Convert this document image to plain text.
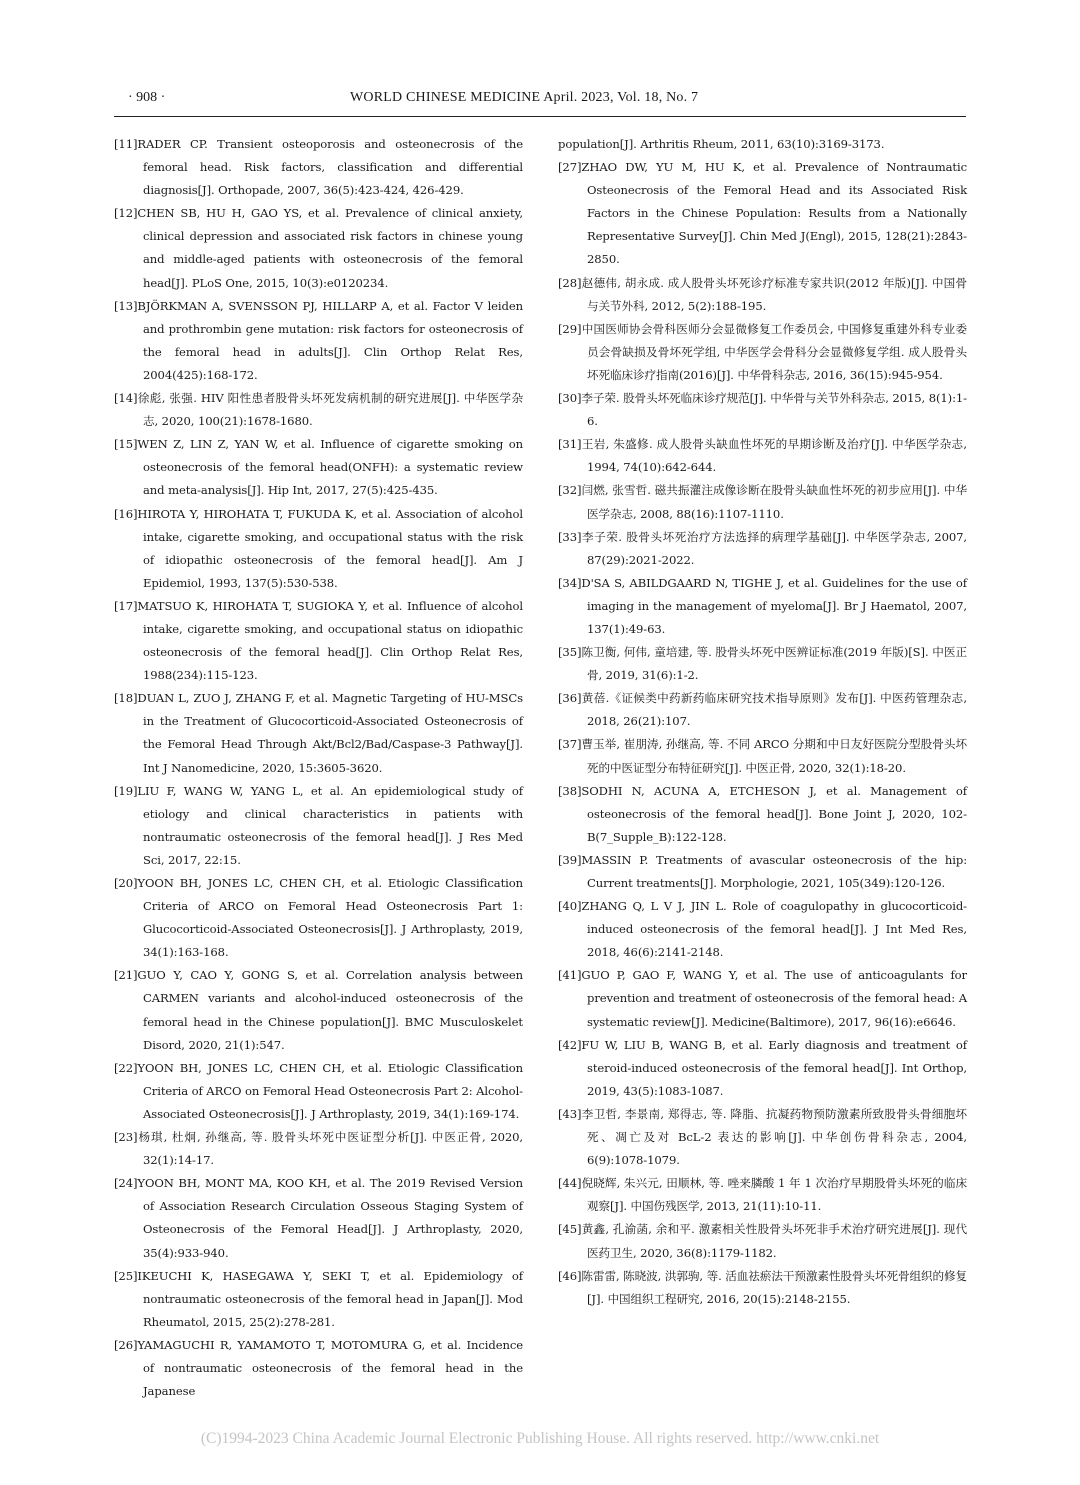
· 908 ·	WORLD CHINESE MEDICINE April. 2023, Vol. 18, No. 7
[11]RADER CP. Transient osteoporosis and osteonecrosis of the femoral head. Risk factors, classification and differential diagnosis[J]. Orthopade, 2007, 36(5):423-424, 426-429.
[12]CHEN SB, HU H, GAO YS, et al. Prevalence of clinical anxiety, clinical depression and associated risk factors in chinese young and middle-aged patients with osteonecrosis of the femoral head[J]. PLoS One, 2015, 10(3):e0120234.
[13]BJÖRKMAN A, SVENSSON PJ, HILLARP A, et al. Factor V leiden and prothrombin gene mutation: risk factors for osteonecrosis of the femoral head in adults[J]. Clin Orthop Relat Res, 2004(425):168-172.
[14]徐彪, 张强. HIV 阳性患者股骨头坏死发病机制的研究进展[J]. 中华医学杂志, 2020, 100(21):1678-1680.
[15]WEN Z, LIN Z, YAN W, et al. Influence of cigarette smoking on osteonecrosis of the femoral head(ONFH): a systematic review and meta-analysis[J]. Hip Int, 2017, 27(5):425-435.
[16]HIROTA Y, HIROHATA T, FUKUDA K, et al. Association of alcohol intake, cigarette smoking, and occupational status with the risk of idiopathic osteonecrosis of the femoral head[J]. Am J Epidemiol, 1993, 137(5):530-538.
[17]MATSUO K, HIROHATA T, SUGIOKA Y, et al. Influence of alcohol intake, cigarette smoking, and occupational status on idiopathic osteonecrosis of the femoral head[J]. Clin Orthop Relat Res, 1988(234):115-123.
[18]DUAN L, ZUO J, ZHANG F, et al. Magnetic Targeting of HU-MSCs in the Treatment of Glucocorticoid-Associated Osteonecrosis of the Femoral Head Through Akt/Bcl2/Bad/Caspase-3 Pathway[J]. Int J Nanomedicine, 2020, 15:3605-3620.
[19]LIU F, WANG W, YANG L, et al. An epidemiological study of etiology and clinical characteristics in patients with nontraumatic osteonecrosis of the femoral head[J]. J Res Med Sci, 2017, 22:15.
[20]YOON BH, JONES LC, CHEN CH, et al. Etiologic Classification Criteria of ARCO on Femoral Head Osteonecrosis Part 1: Glucocorticoid-Associated Osteonecrosis[J]. J Arthroplasty, 2019, 34(1):163-168.
[21]GUO Y, CAO Y, GONG S, et al. Correlation analysis between CARMEN variants and alcohol-induced osteonecrosis of the femoral head in the Chinese population[J]. BMC Musculoskelet Disord, 2020, 21(1):547.
[22]YOON BH, JONES LC, CHEN CH, et al. Etiologic Classification Criteria of ARCO on Femoral Head Osteonecrosis Part 2: Alcohol-Associated Osteonecrosis[J]. J Arthroplasty, 2019, 34(1):169-174.
[23]杨琪, 杜炯, 孙继高, 等. 股骨头坏死中医证型分析[J]. 中医正骨, 2020, 32(1):14-17.
[24]YOON BH, MONT MA, KOO KH, et al. The 2019 Revised Version of Association Research Circulation Osseous Staging System of Osteonecrosis of the Femoral Head[J]. J Arthroplasty, 2020, 35(4):933-940.
[25]IKEUCHI K, HASEGAWA Y, SEKI T, et al. Epidemiology of nontraumatic osteonecrosis of the femoral head in Japan[J]. Mod Rheumatol, 2015, 25(2):278-281.
[26]YAMAGUCHI R, YAMAMOTO T, MOTOMURA G, et al. Incidence of nontraumatic osteonecrosis of the femoral head in the Japanese
population[J]. Arthritis Rheum, 2011, 63(10):3169-3173.
[27]ZHAO DW, YU M, HU K, et al. Prevalence of Nontraumatic Osteonecrosis of the Femoral Head and its Associated Risk Factors in the Chinese Population: Results from a Nationally Representative Survey[J]. Chin Med J(Engl), 2015, 128(21):2843-2850.
[28]赵德伟, 胡永成. 成人股骨头坏死诊疗标准专家共识(2012 年版)[J]. 中国骨与关节外科, 2012, 5(2):188-195.
[29]中国医师协会骨科医师分会显微修复工作委员会, 中国修复重建外科专业委员会骨缺损及骨坏死学组, 中华医学会骨科分会显微修复学组. 成人股骨头坏死临床诊疗指南(2016)[J]. 中华骨科杂志, 2016, 36(15):945-954.
[30]李子荣. 股骨头坏死临床诊疗规范[J]. 中华骨与关节外科杂志, 2015, 8(1):1-6.
[31]王岩, 朱盛修. 成人股骨头缺血性坏死的早期诊断及治疗[J]. 中华医学杂志, 1994, 74(10):642-644.
[32]闫燃, 张雪哲. 磁共振灌注成像诊断在股骨头缺血性坏死的初步应用[J]. 中华医学杂志, 2008, 88(16):1107-1110.
[33]李子荣. 股骨头坏死治疗方法选择的病理学基础[J]. 中华医学杂志, 2007, 87(29):2021-2022.
[34]D'SA S, ABILDGAARD N, TIGHE J, et al. Guidelines for the use of imaging in the management of myeloma[J]. Br J Haematol, 2007, 137(1):49-63.
[35]陈卫衡, 何伟, 童培建, 等. 股骨头坏死中医辨证标准(2019 年版)[S]. 中医正骨, 2019, 31(6):1-2.
[36]黄蓓.《证候类中药新药临床研究技术指导原则》发布[J]. 中医药管理杂志, 2018, 26(21):107.
[37]曹玉举, 崔朋涛, 孙继高, 等. 不同 ARCO 分期和中日友好医院分型股骨头坏死的中医证型分布特征研究[J]. 中医正骨, 2020, 32(1):18-20.
[38]SODHI N, ACUNA A, ETCHESON J, et al. Management of osteonecrosis of the femoral head[J]. Bone Joint J, 2020, 102-B(7_Supple_B):122-128.
[39]MASSIN P. Treatments of avascular osteonecrosis of the hip: Current treatments[J]. Morphologie, 2021, 105(349):120-126.
[40]ZHANG Q, L V J, JIN L. Role of coagulopathy in glucocorticoid-induced osteonecrosis of the femoral head[J]. J Int Med Res, 2018, 46(6):2141-2148.
[41]GUO P, GAO F, WANG Y, et al. The use of anticoagulants for prevention and treatment of osteonecrosis of the femoral head: A systematic review[J]. Medicine(Baltimore), 2017, 96(16):e6646.
[42]FU W, LIU B, WANG B, et al. Early diagnosis and treatment of steroid-induced osteonecrosis of the femoral head[J]. Int Orthop, 2019, 43(5):1083-1087.
[43]李卫哲, 李景南, 郑得志, 等. 降脂、抗凝药物预防激素所致股骨头骨细胞坏死、凋亡及对 BcL-2 表达的影响[J]. 中华创伤骨科杂志, 2004, 6(9):1078-1079.
[44]倪晓辉, 朱兴元, 田顺林, 等. 唑来膦酸 1 年 1 次治疗早期股骨头坏死的临床观察[J]. 中国伤残医学, 2013, 21(11):10-11.
[45]黄鑫, 孔渝菡, 余和平. 激素相关性股骨头坏死非手术治疗研究进展[J]. 现代医药卫生, 2020, 36(8):1179-1182.
[46]陈雷雷, 陈晓波, 洪郭驹, 等. 活血祛瘀法干预激素性股骨头坏死骨组织的修复[J]. 中国组织工程研究, 2016, 20(15):2148-2155.
(C)1994-2023 China Academic Journal Electronic Publishing House. All rights reserved. http://www.cnki.net
